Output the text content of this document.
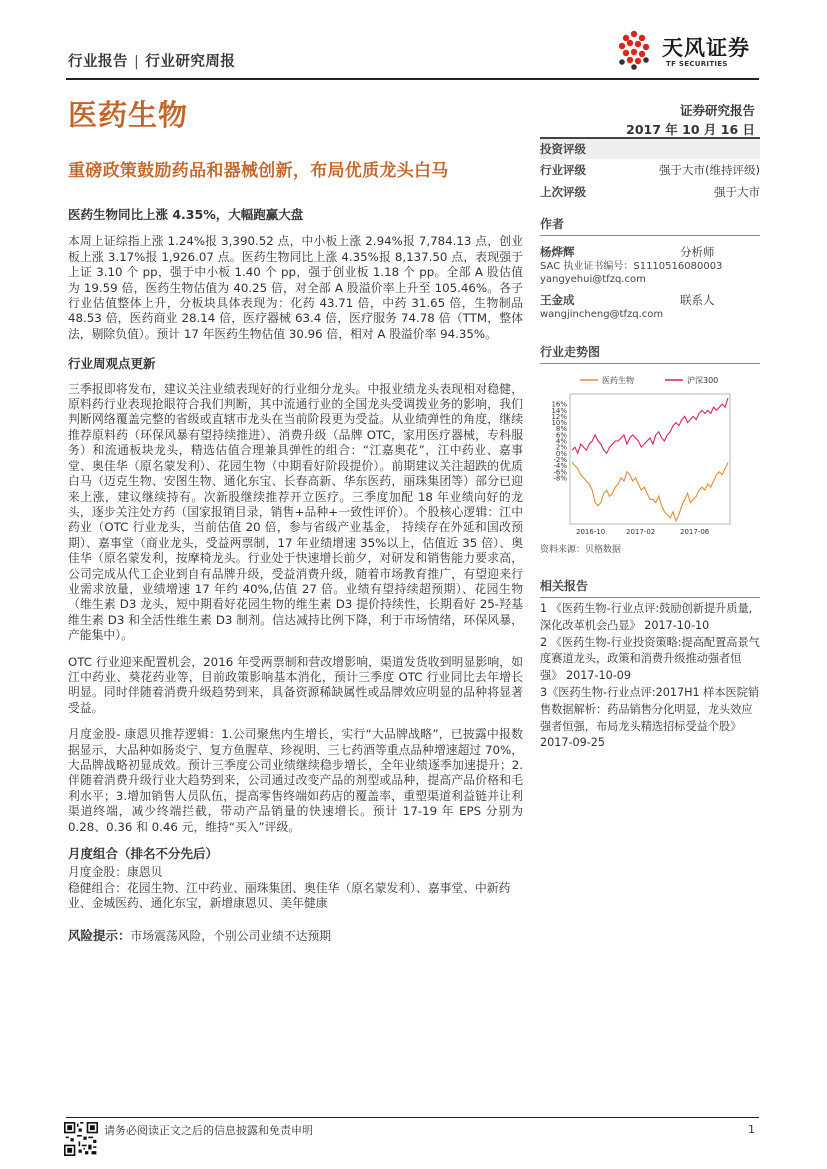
行业报告 | 行业研究周报
天风证券
TF SECURITIES
医药生物	证券研究报告
2017 年 10 月 16 日
重磅政策鼓励药品和器械创新，布局优质龙头白马
医药生物同比上涨 4.35%，大幅跑赢大盘

本周上证综指上涨 1.24%报 3,390.52 点，中小板上涨 2.94%报 7,784.13 点，创业板上涨 3.17%报 1,926.07 点。医药生物同比上涨 4.35%报 8,137.50 点，表现强于上证 3.10 个 pp，强于中小板 1.40 个 pp，强于创业板 1.18 个 pp。全部 A 股估值为 19.59 倍，医药生物估值为 40.25 倍，对全部 A 股溢价率上升至 105.46%。各子行业估值整体上升，分板块具体表现为：化药 43.71 倍，中药 31.65 倍，生物制品 48.53 倍，医药商业 28.14 倍，医疗器械 63.4 倍，医疗服务 74.78 倍（TTM，整体法，剔除负值）。预计 17 年医药生物估值 30.96 倍，相对 A 股溢价率 94.35%。

行业周观点更新

三季报即将发布，建议关注业绩表现好的行业细分龙头。中报业绩龙头表现相对稳健，原料药行业表现抢眼符合我们判断，其中流通行业的全国龙头受调拨业务的影响，我们判断网络覆盖完整的省级或直辖市龙头在当前阶段更为受益。从业绩弹性的角度，继续推荐原料药（环保风暴有望持续推进）、消费升级（品牌 OTC，家用医疗器械，专科服务）和流通板块龙头，精选估值合理兼具弹性的组合：“江嘉奥花”，江中药业、嘉事堂、奥佳华（原名蒙发利）、花园生物（中期看好阶段提价）。前期建议关注超跌的优质白马（迈克生物、安图生物、通化东宝、长春高新、华东医药，丽珠集团等）部分已迎来上涨，建议继续持有。次新股继续推荐开立医疗。三季度加配 18 年业绩向好的龙头，逐步关注处方药（国家报销目录，销售+品种+一致性评价）。个股核心逻辑：江中药业（OTC 行业龙头，当前估值 20 倍，参与省级产业基金， 持续存在外延和国改预期）、嘉事堂（商业龙头，受益两票制，17 年业绩增速 35%以上，估值近 35 倍）、奥佳华（原名蒙发利，按摩椅龙头。行业处于快速增长前夕，对研发和销售能力要求高，公司完成从代工企业到自有品牌升级，受益消费升级，随着市场教育推广，有望迎来行业需求放量，业绩增速 17 年约 40%,估值 27 倍。业绩有望持续超预期）、花园生物（维生素 D3 龙头，短中期看好花园生物的维生素 D3 提价持续性，长期看好 25-羟基维生素 D3 和全活性维生素 D3 制剂。信达减持比例下降，利于市场情绪，环保风暴，产能集中）。

OTC 行业迎来配置机会，2016 年受两票制和营改增影响，渠道发货收到明显影响，如江中药业、葵花药业等，目前政策影响基本消化，预计三季度 OTC 行业同比去年增长明显。同时伴随着消费升级趋势到来，具备资源稀缺属性或品牌效应明显的品种将显著受益。

月度金股- 康恩贝推荐逻辑：1.公司聚焦内生增长，实行“大品牌战略”，已披露中报数据显示，大品种如肠炎宁、复方鱼腥草、珍视明、三七药酒等重点品种增速超过 70%，大品牌战略初显成效。预计三季度公司业绩继续稳步增长，全年业绩逐季加速提升；2.伴随着消费升级行业大趋势到来，公司通过改变产品的剂型或品种，提高产品价格和毛利水平；3.增加销售人员队伍，提高零售终端如药店的覆盖率，重塑渠道利益链并让利渠道终端，减少终端拦截，带动产品销量的快速增长。预计 17-19 年 EPS 分别为 0.28、0.36 和 0.46 元，维持“买入”评级。

月度组合（排名不分先后）

月度金股：康恩贝

稳健组合：花园生物、江中药业、丽珠集团、奥佳华（原名蒙发利）、嘉事堂、中新药业、金城医药、通化东宝，新增康恩贝、美年健康

风险提示：市场震荡风险，个别公司业绩不达预期

投资评级
行业评级	强于大市(维持评级)
上次评级	强于大市
作者
杨烨辉	分析师
SAC 执业证书编号：S1110516080003
yangyehui@tfzq.com
王金成	联系人
wangjincheng@tfzq.com
行业走势图
16%
14%
12%
10%
8%
6%
4%
2%
0%
-2%
-4%
-6%
-8%
2016-10	2017-02	2017-06
医药生物	沪深300
资料来源：贝格数据
相关报告
1 《医药生物-行业点评:鼓励创新提升质量,深化改革机会凸显》 2017-10-10
2 《医药生物-行业投资策略:提高配置高景气度赛道龙头，政策和消费升级推动强者恒强》 2017-10-09
3《医药生物-行业点评:2017H1 样本医院销售数据解析：药品销售分化明显，龙头效应强者恒强，布局龙头精选招标受益个股》 2017-09-25
请务必阅读正文之后的信息披露和免责申明	1
